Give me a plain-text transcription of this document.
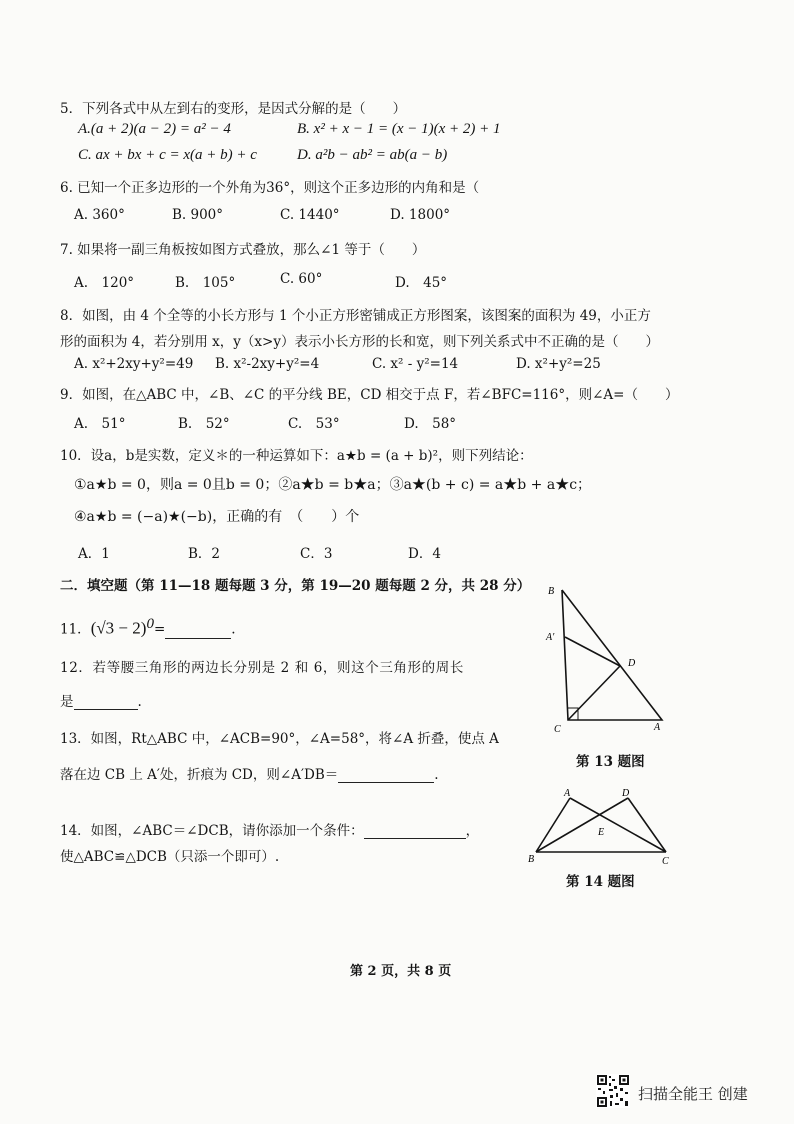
5．下列各式中从左到右的变形，是因式分解的是（　　）
A.(a + 2)(a − 2) = a² − 4	B. x² + x − 1 = (x − 1)(x + 2) + 1
C. ax + bx + c = x(a + b) + c	D. a²b − ab² = ab(a − b)
6. 已知一个正多边形的一个外角为36°，则这个正多边形的内角和是（
A. 360°	B. 900°	C. 1440°	D. 1800°
7. 如果将一副三角板按如图方式叠放，那么∠1 等于（　　）
A.　120°	B.　105°	C. 60°	D.　45°
8．如图，由 4 个全等的小长方形与 1 个小正方形密铺成正方形图案，该图案的面积为 49，小正方
形的面积为 4，若分别用 x，y（x>y）表示小长方形的长和宽，则下列关系式中不正确的是（　　）
A. x²+2xy+y²=49 B. x²-2xy+y²=4	C. x² - y²=14	D. x²+y²=25
9．如图，在△ABC 中，∠B、∠C 的平分线 BE，CD 相交于点 F，若∠BFC=116°，则∠A=（　　）
A.　51°	B.　52°	C.　53°	D.　58°
10．设a，b是实数，定义＊的一种运算如下：a★b = (a + b)²，则下列结论：
①a★b = 0，则a = 0且b = 0；②a★b = b★a；③a★(b + c) = a★b + a★c；
④a★b = (−a)★(−b)，正确的有　（　　）个
A．1	B．2	C．3	D．4
二．填空题（第 11—18 题每题 3 分，第 19—20 题每题 2 分，共 28 分）
11．$(√3 - 2)^0=$	.
12．若等腰三角形的两边长分别是 2 和 6，则这个三角形的周长
是	.
13．如图，Rt△ABC 中，∠ACB=90°，∠A=58°，将∠A 折叠，使点 A
落在边 CB 上 A′处，折痕为 CD，则∠A′DB＝	.
14．如图，∠ABC＝∠DCB，请你添加一个条件：	，
使△ABC≌△DCB（只添一个即可）.
B
A′
D
C	A
第 13 题图
A	D
E
B	C
第 14 题图
第 2 页，共 8 页
扫描全能王 创建
